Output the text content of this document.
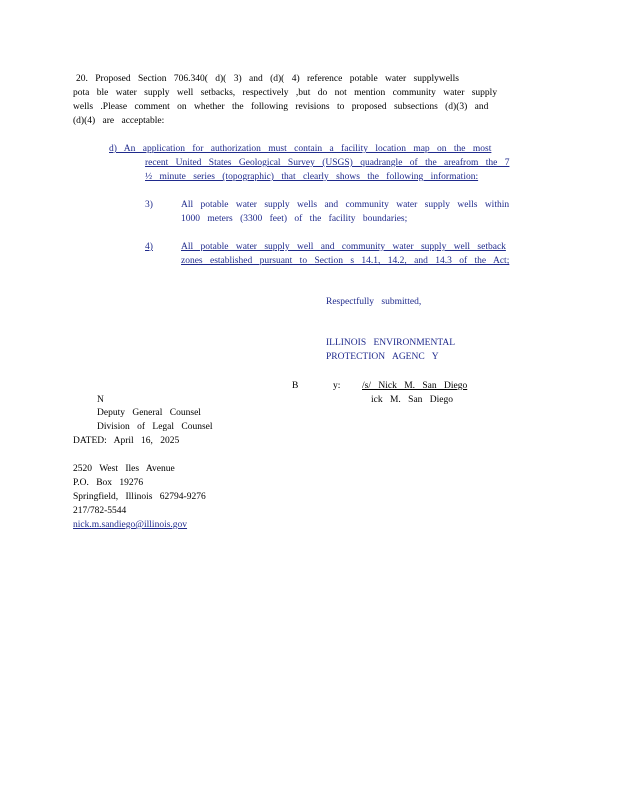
20. Proposed Section 706.340( d)( 3) and (d)( 4) reference potable water supplywells
pota ble water supply well setbacks, respectively ,but do not mention community water supply
wells .Please comment on whether the following revisions to proposed subsections (d)(3) and
(d)(4) are acceptable:
d) An application for authorization must contain a facility location map on the most
recent United States Geological Survey (USGS) quadrangle of the areafrom the 7
½ minute series (topographic) that clearly shows the following information:
3)	All potable water supply wells and community water supply wells within
1000 meters (3300 feet) of the facility boundaries;
4)	All potable water supply well and community water supply well setback
zones established pursuant to Section s 14.1, 14.2, and 14.3 of the Act;
Respectfully submitted,
ILLINOIS ENVIRONMENTAL
PROTECTION AGENC Y
B	y: /s/ Nick M. San Diego
N	ick M. San Diego
Deputy General Counsel
Division of Legal Counsel
DATED: April 16, 2025
2520 West Iles Avenue
P.O. Box 19276
Springfield, Illinois 62794-9276
217/782-5544
nick.m.sandiego@illinois.gov
